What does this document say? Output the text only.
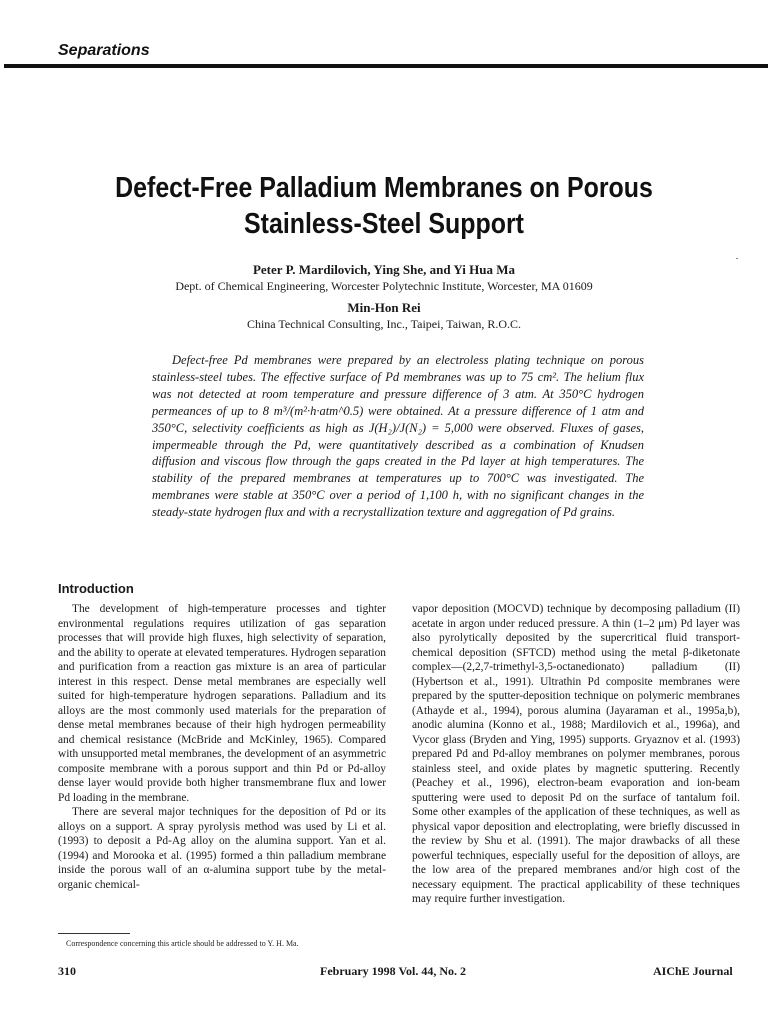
Separations
Defect-Free Palladium Membranes on Porous Stainless-Steel Support
Peter P. Mardilovich, Ying She, and Yi Hua Ma
Dept. of Chemical Engineering, Worcester Polytechnic Institute, Worcester, MA 01609
Min-Hon Rei
China Technical Consulting, Inc., Taipei, Taiwan, R.O.C.

Defect-free Pd membranes were prepared by an electroless plating technique on porous stainless-steel tubes. The effective surface of Pd membranes was up to 75 cm². The helium flux was not detected at room temperature and pressure difference of 3 atm. At 350°C hydrogen permeances of up to 8 m³/(m²·h·atm^0.5) were obtained. At a pressure difference of 1 atm and 350°C, selectivity coefficients as high as J(H₂)/J(N₂) = 5,000 were observed. Fluxes of gases, impermeable through the Pd, were quantitatively described as a combination of Knudsen diffusion and viscous flow through the gaps created in the Pd layer at high temperatures. The stability of the prepared membranes at temperatures up to 700°C was investigated. The membranes were stable at 350°C over a period of 1,100 h, with no significant changes in the steady-state hydrogen flux and with a recrystallization texture and aggregation of Pd grains.

Introduction

The development of high-temperature processes and tighter environmental regulations requires utilization of gas separation processes that will provide high fluxes, high selectivity of separation, and the ability to operate at elevated temperatures. Hydrogen separation and purification from a reaction gas mixture is an area of particular interest in this respect. Dense metal membranes are especially well suited for high-temperature hydrogen separations. Palladium and its alloys are the most commonly used materials for the preparation of dense metal membranes because of their high hydrogen permeability and chemical resistance (McBride and McKinley, 1965). Compared with unsupported metal membranes, the development of an asymmetric composite membrane with a porous support and thin Pd or Pd-alloy dense layer would provide both higher transmembrane flux and lower Pd loading in the membrane.

There are several major techniques for the deposition of Pd or its alloys on a support. A spray pyrolysis method was used by Li et al. (1993) to deposit a Pd-Ag alloy on the alumina support. Yan et al. (1994) and Morooka et al. (1995) formed a thin palladium membrane inside the porous wall of an α-alumina support tube by the metal-organic chemical-

vapor deposition (MOCVD) technique by decomposing palladium (II) acetate in argon under reduced pressure. A thin (1–2 μm) Pd layer was also pyrolytically deposited by the supercritical fluid transport-chemical deposition (SFTCD) method using the metal β-diketonate complex—(2,2,7-trimethyl-3,5-octanedionato) palladium (II) (Hybertson et al., 1991). Ultrathin Pd composite membranes were prepared by the sputter-deposition technique on polymeric membranes (Athayde et al., 1994), porous alumina (Jayaraman et al., 1995a,b), anodic alumina (Konno et al., 1988; Mardilovich et al., 1996a), and Vycor glass (Bryden and Ying, 1995) supports. Gryaznov et al. (1993) prepared Pd and Pd-alloy membranes on polymer membranes, porous stainless steel, and oxide plates by magnetic sputtering. Recently (Peachey et al., 1996), electron-beam evaporation and ion-beam sputtering were used to deposit Pd on the surface of tantalum foil. Some other examples of the application of these techniques, as well as physical vapor deposition and electroplating, were briefly discussed in the review by Shu et al. (1991). The major drawbacks of all these powerful techniques, especially useful for the deposition of alloys, are the low area of the prepared membranes and/or high cost of the necessary equipment. The practical applicability of these techniques may require further investigation.

Correspondence concerning this article should be addressed to Y. H. Ma.
310	February 1998 Vol. 44, No. 2	AIChE Journal
